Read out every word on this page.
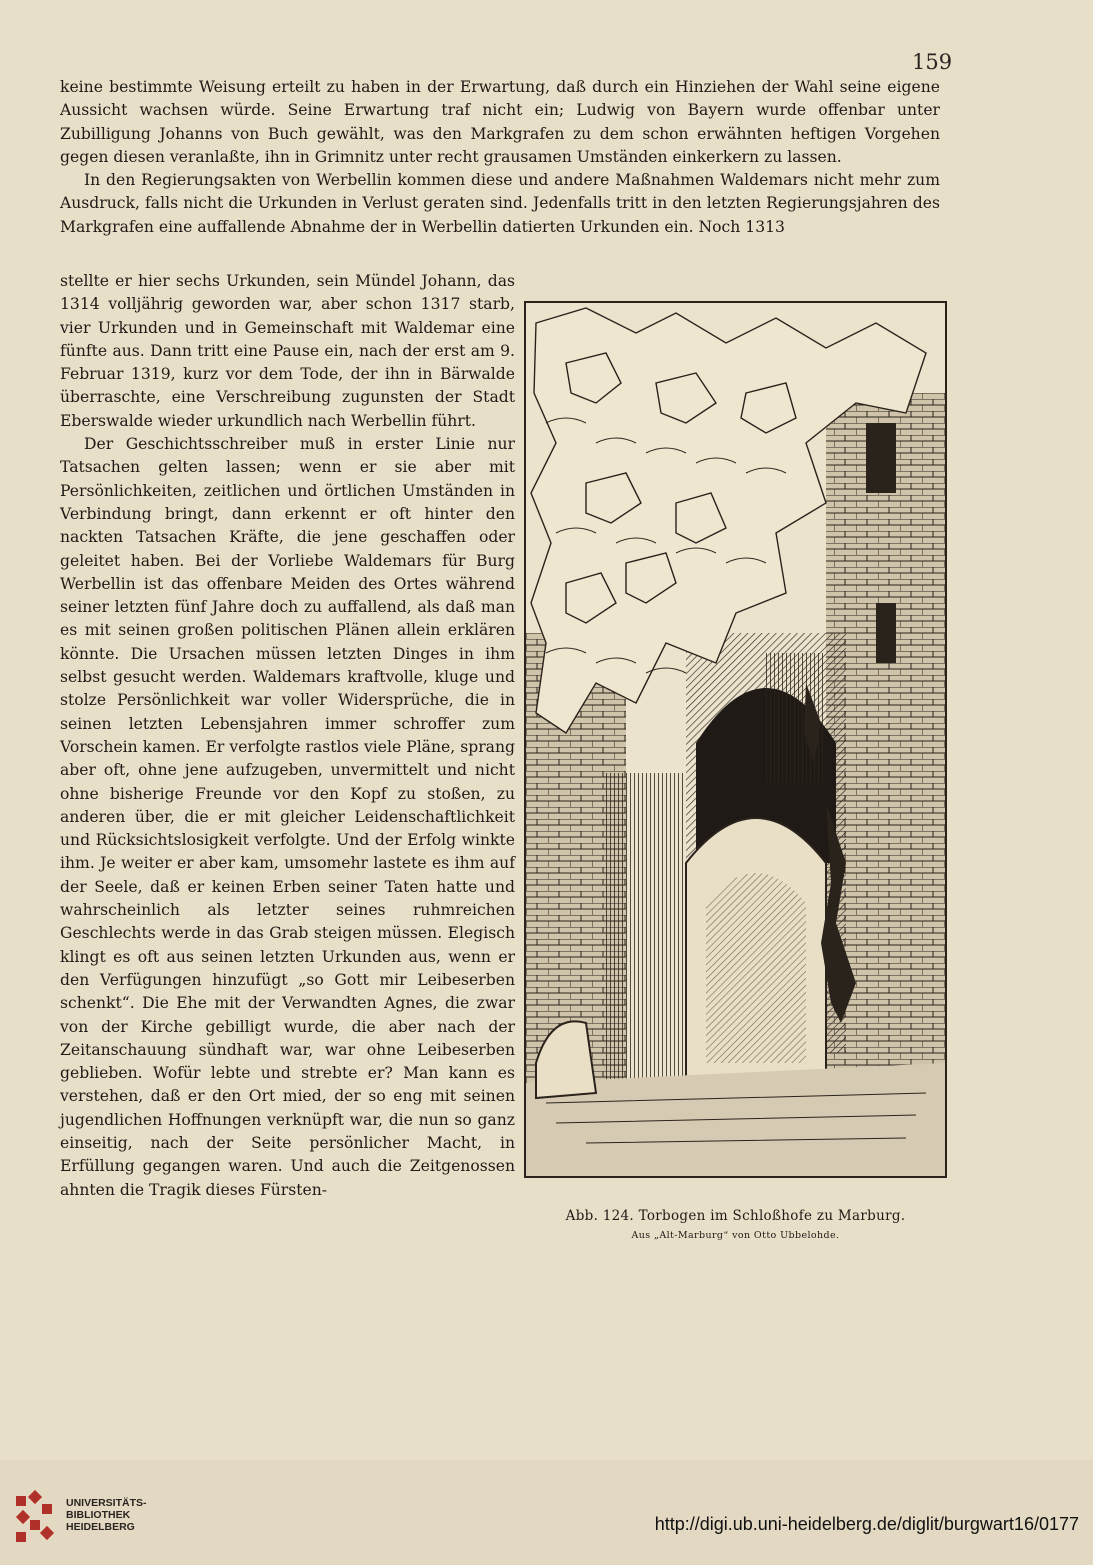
159

keine bestimmte Weisung erteilt zu haben in der Erwartung, daß durch ein Hinziehen der Wahl seine eigene Aussicht wachsen würde. Seine Erwartung traf nicht ein; Ludwig von Bayern wurde offenbar unter Zubilligung Johanns von Buch gewählt, was den Markgrafen zu dem schon erwähnten heftigen Vorgehen gegen diesen veranlaßte, ihn in Grimnitz unter recht grausamen Umständen einkerkern zu lassen.

In den Regierungsakten von Werbellin kommen diese und andere Maßnahmen Waldemars nicht mehr zum Ausdruck, falls nicht die Urkunden in Verlust geraten sind. Jedenfalls tritt in den letzten Regierungsjahren des Markgrafen eine auffallende Abnahme der in Werbellin datierten Urkunden ein. Noch 1313

stellte er hier sechs Urkunden, sein Mündel Johann, das 1314 volljährig geworden war, aber schon 1317 starb, vier Urkunden und in Gemeinschaft mit Waldemar eine fünfte aus. Dann tritt eine Pause ein, nach der erst am 9. Februar 1319, kurz vor dem Tode, der ihn in Bärwalde überraschte, eine Verschreibung zugunsten der Stadt Eberswalde wieder urkundlich nach Werbellin führt.

Der Geschichtsschreiber muß in erster Linie nur Tatsachen gelten lassen; wenn er sie aber mit Persönlichkeiten, zeitlichen und örtlichen Umständen in Verbindung bringt, dann erkennt er oft hinter den nackten Tatsachen Kräfte, die jene geschaffen oder geleitet haben. Bei der Vorliebe Waldemars für Burg Werbellin ist das offenbare Meiden des Ortes während seiner letzten fünf Jahre doch zu auffallend, als daß man es mit seinen großen politischen Plänen allein erklären könnte. Die Ursachen müssen letzten Dinges in ihm selbst gesucht werden. Waldemars kraftvolle, kluge und stolze Persönlichkeit war voller Widersprüche, die in seinen letzten Lebensjahren immer schroffer zum Vorschein kamen. Er verfolgte rastlos viele Pläne, sprang aber oft, ohne jene aufzugeben, unvermittelt und nicht ohne bisherige Freunde vor den Kopf zu stoßen, zu anderen über, die er mit gleicher Leidenschaftlichkeit und Rücksichtslosigkeit verfolgte. Und der Erfolg winkte ihm. Je weiter er aber kam, umsomehr lastete es ihm auf der Seele, daß er keinen Erben seiner Taten hatte und wahrscheinlich als letzter seines ruhmreichen Geschlechts werde in das Grab steigen müssen. Elegisch klingt es oft aus seinen letzten Urkunden aus, wenn er den Verfügungen hinzufügt „so Gott mir Leibeserben schenkt“. Die Ehe mit der Verwandten Agnes, die zwar von der Kirche gebilligt wurde, die aber nach der Zeitanschauung sündhaft war, war ohne Leibeserben geblieben. Wofür lebte und strebte er? Man kann es verstehen, daß er den Ort mied, der so eng mit seinen jugendlichen Hoffnungen verknüpft war, die nun so ganz einseitig, nach der Seite persönlicher Macht, in Erfüllung gegangen waren. Und auch die Zeitgenossen ahnten die Tragik dieses Fürsten-

Abb. 124. Torbogen im Schloßhofe zu Marburg.
Aus „Alt-Marburg“ von Otto Ubbelohde.
UNIVERSITÄTS-
BIBLIOTHEK
HEIDELBERG	http://digi.ub.uni-heidelberg.de/diglit/burgwart16/0177
